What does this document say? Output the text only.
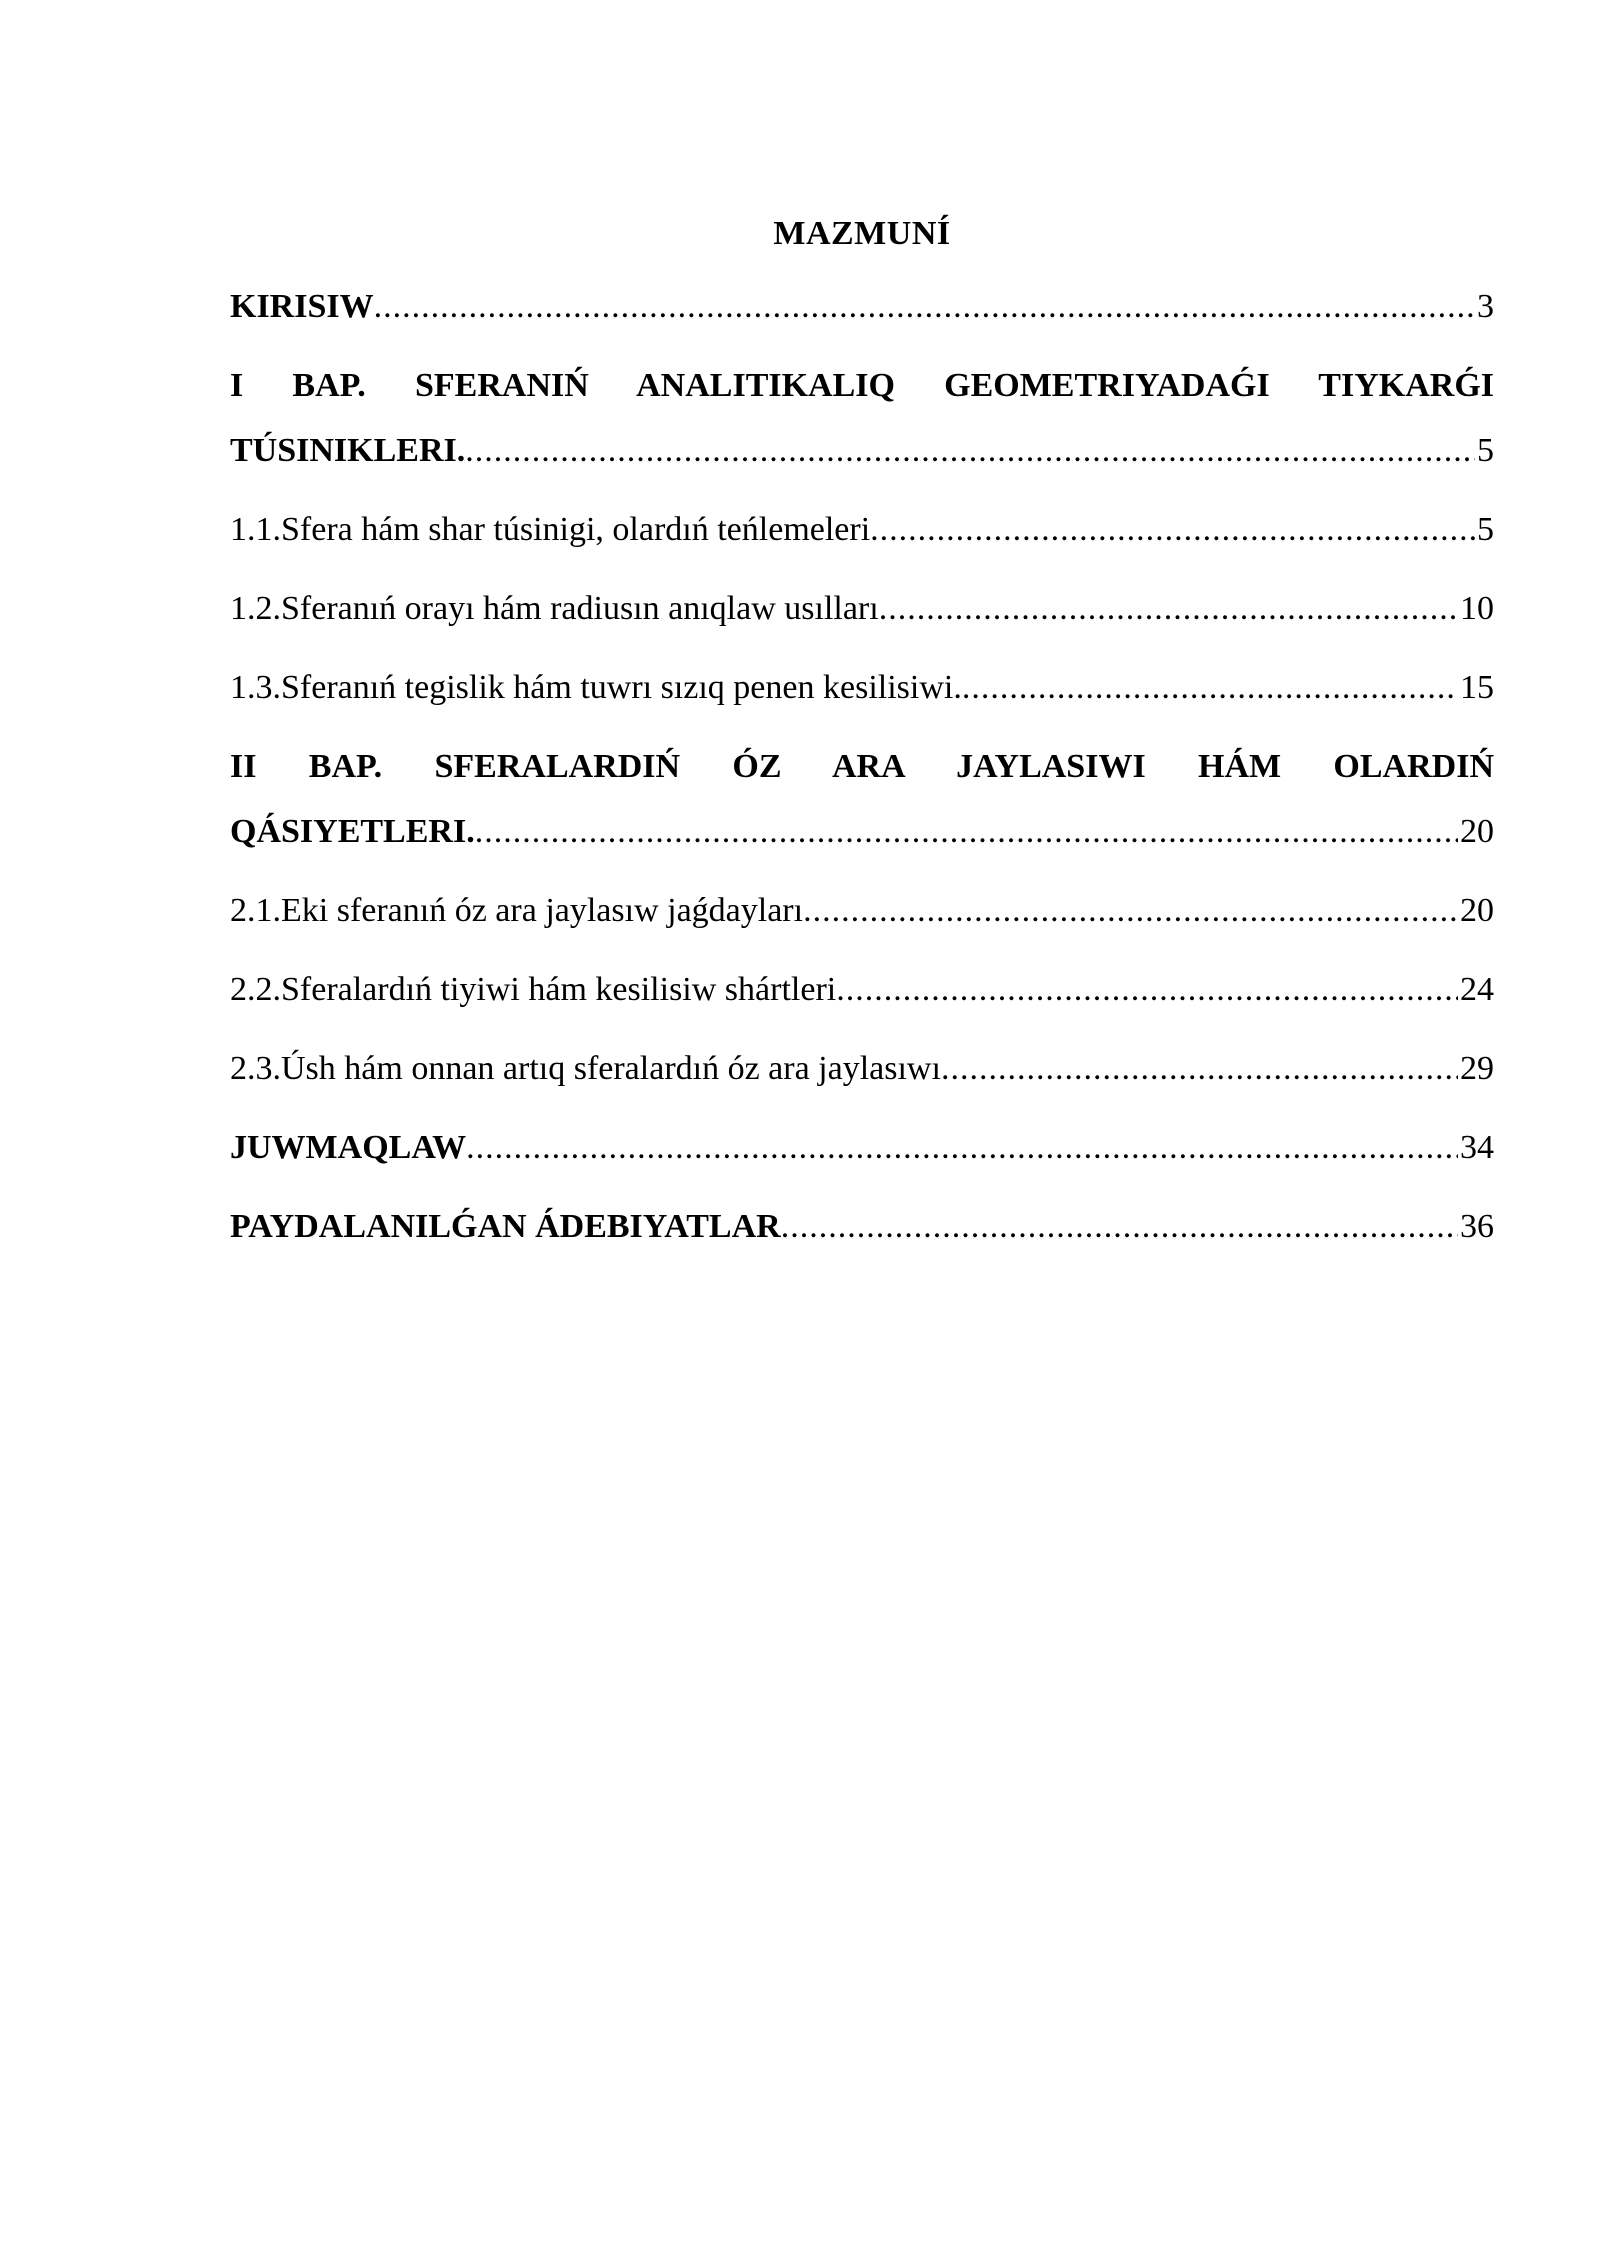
MAZMUNÍ
KIRISIW .....	3
I BAP. SFERANIŃ ANALITIKALIQ GEOMETRIYADAǴI TIYKARǴI
TÚSINIKLERI. .....	5
1.1.Sfera hám shar túsinigi, olardıń teńlemeleri .....	5
1.2.Sferanıń orayı hám radiusın anıqlaw usılları .....	10
1.3.Sferanıń tegislik hám tuwrı sızıq penen kesilisiwi. .....	15
II BAP. SFERALARDIŃ ÓZ ARA JAYLASIWI HÁM OLARDIŃ
QÁSIYETLERI. .....	20
2.1.Eki sferanıń óz ara jaylasıw jaǵdayları .....	20
2.2.Sferalardıń tiyiwi hám kesilisiw shártleri .....	24
2.3.Úsh hám onnan artıq sferalardıń óz ara jaylasıwı .....	29
JUWMAQLAW .....	34
PAYDALANILǴAN ÁDEBIYATLAR .....	36
